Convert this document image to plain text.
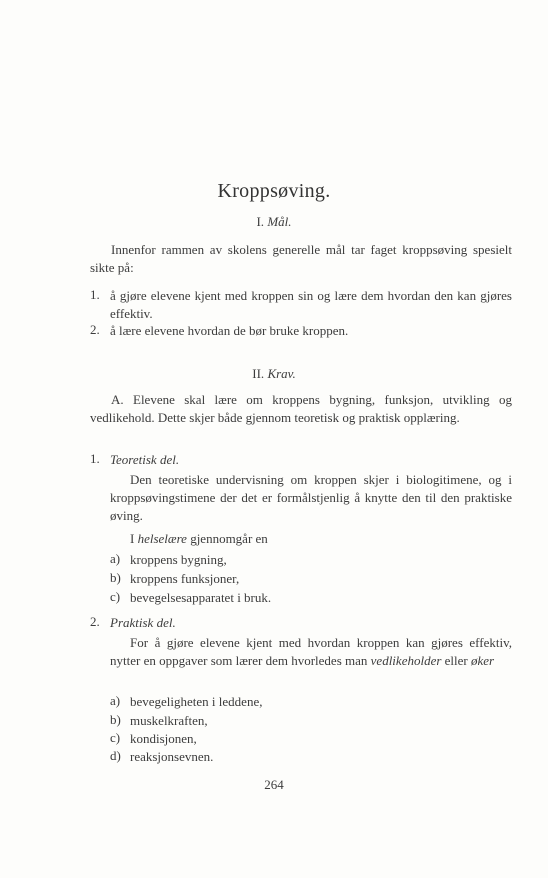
Kroppsøving.
I. Mål.

Innenfor rammen av skolens generelle mål tar faget kroppsøving spesielt sikte på:

1. å gjøre elevene kjent med kroppen sin og lære dem hvordan den kan gjøres effektiv.

2. å lære elevene hvordan de bør bruke kroppen.

II. Krav.

A. Elevene skal lære om kroppens bygning, funksjon, utvikling og vedlikehold. Dette skjer både gjennom teoretisk og praktisk opplæring.

1. Teoretisk del.

Den teoretiske undervisning om kroppen skjer i biologitimene, og i kroppsøvingstimene der det er formålstjenlig å knytte den til den praktiske øving.

I helselære gjennomgår en

a) kroppens bygning,
b) kroppens funksjoner,
c) bevegelsesapparatet i bruk.
2. Praktisk del.

For å gjøre elevene kjent med hvordan kroppen kan gjøres effektiv, nytter en oppgaver som lærer dem hvorledes man vedlikeholder eller øker

a) bevegeligheten i leddene,
b) muskelkraften,
c) kondisjonen,
d) reaksjonsevnen.
264
